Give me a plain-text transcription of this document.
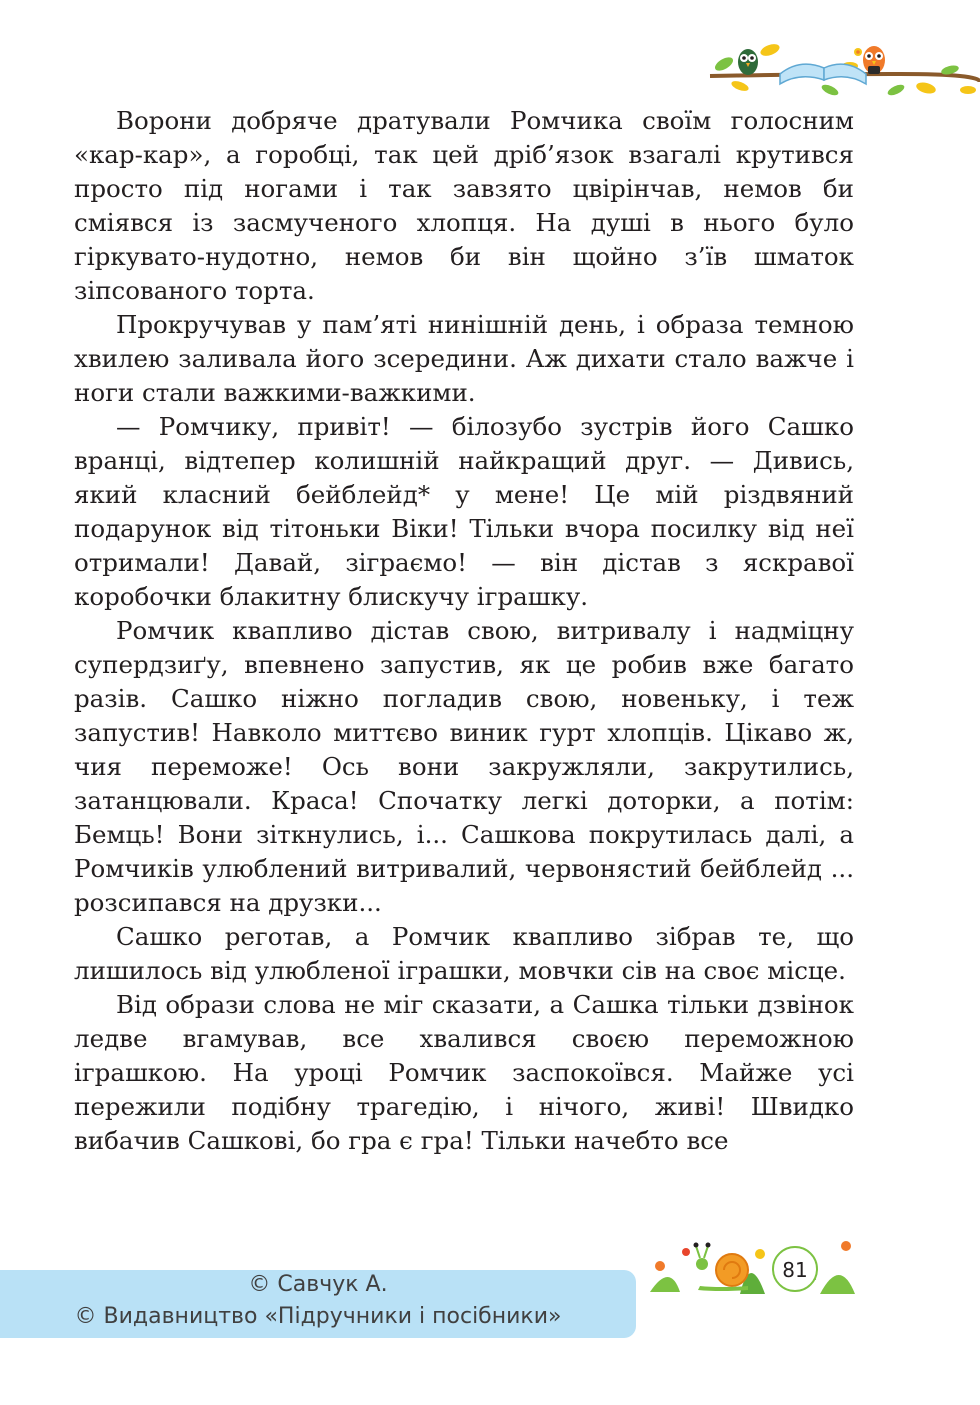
Ворони добряче дратували Ромчика своїм голосним «кар-кар», а горобці, так цей дріб’язок взагалі крутився просто під ногами і так завзято цвірінчав, немов би сміявся із засмученого хлопця. На душі в нього було гіркувато-нудотно, немов би він щойно з’їв шматок зіпсованого торта.

Прокручував у пам’яті нинішній день, і образа темною хвилею заливала його зсередини. Аж дихати стало важче і ноги стали важкими-важкими.

— Ромчику, привіт! — білозубо зустрів його Сашко вранці, відтепер колишній найкращий друг. — Дивись, який класний бейблейд* у мене! Це мій різдвяний подарунок від тітоньки Віки! Тільки вчора посилку від неї отримали! Давай, зіграємо! — він дістав з яскравої коробочки блакитну блискучу іграшку.

Ромчик квапливо дістав свою, витривалу і надміцну супердзиґу, впевнено запустив, як це робив вже багато разів. Сашко ніжно погладив свою, новеньку, і теж запустив! Навколо миттєво виник гурт хлопців. Цікаво ж, чия переможе! Ось вони закружляли, закрутились, затанцювали. Краса! Спочатку легкі доторки, а потім: Бемць! Вони зіткнулись, і... Сашкова покрутилась далі, а Ромчиків улюблений витривалий, червонястий бейблейд ... розсипався на друзки...

Сашко реготав, а Ромчик квапливо зібрав те, що лишилось від улюбленої іграшки, мовчки сів на своє місце.

Від образи слова не міг сказати, а Сашка тільки дзвінок ледве вгамував, все хвалився своєю переможною іграшкою. На уроці Ромчик заспокоївся. Майже усі пережили подібну трагедію, і нічого, живі! Швидко вибачив Сашкові, бо гра є гра! Тільки начебто все

81
© Савчук А.
© Видавництво «Підручники і посібники»
